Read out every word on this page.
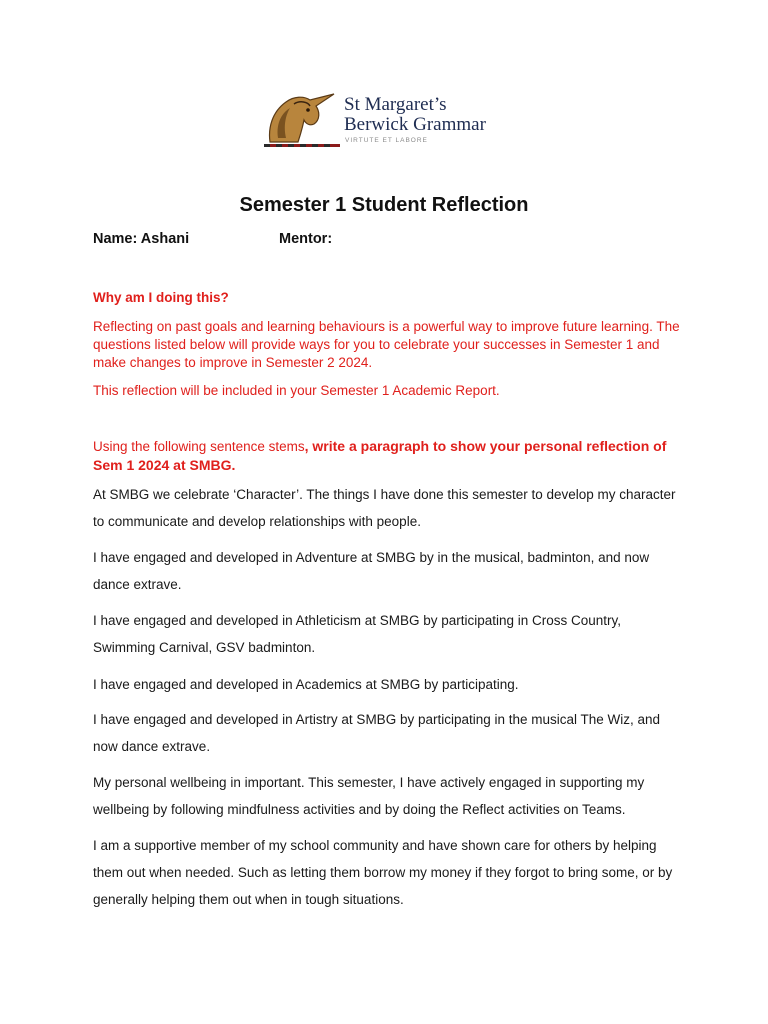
St Margaret’s
Berwick Grammar
VIRTUTE ET LABORE
Semester 1 Student Reflection
Name: Ashani	Mentor:
Why am I doing this?
Reflecting on past goals and learning behaviours is a powerful way to improve future learning. The questions listed below will provide ways for you to celebrate your successes in Semester 1 and make changes to improve in Semester 2 2024.
This reflection will be included in your Semester 1 Academic Report.
Using the following sentence stems, write a paragraph to show your personal reflection of Sem 1 2024 at SMBG.
At SMBG we celebrate ‘Character’. The things I have done this semester to develop my character to communicate and develop relationships with people.
I have engaged and developed in Adventure at SMBG by in the musical, badminton, and now dance extrave.
I have engaged and developed in Athleticism at SMBG by participating in Cross Country, Swimming Carnival, GSV badminton.
I have engaged and developed in Academics at SMBG by participating.
I have engaged and developed in Artistry at SMBG by participating in the musical The Wiz, and now dance extrave.
My personal wellbeing in important. This semester, I have actively engaged in supporting my wellbeing by following mindfulness activities and by doing the Reflect activities on Teams.
I am a supportive member of my school community and have shown care for others by helping them out when needed. Such as letting them borrow my money if they forgot to bring some, or by generally helping them out when in tough situations.
